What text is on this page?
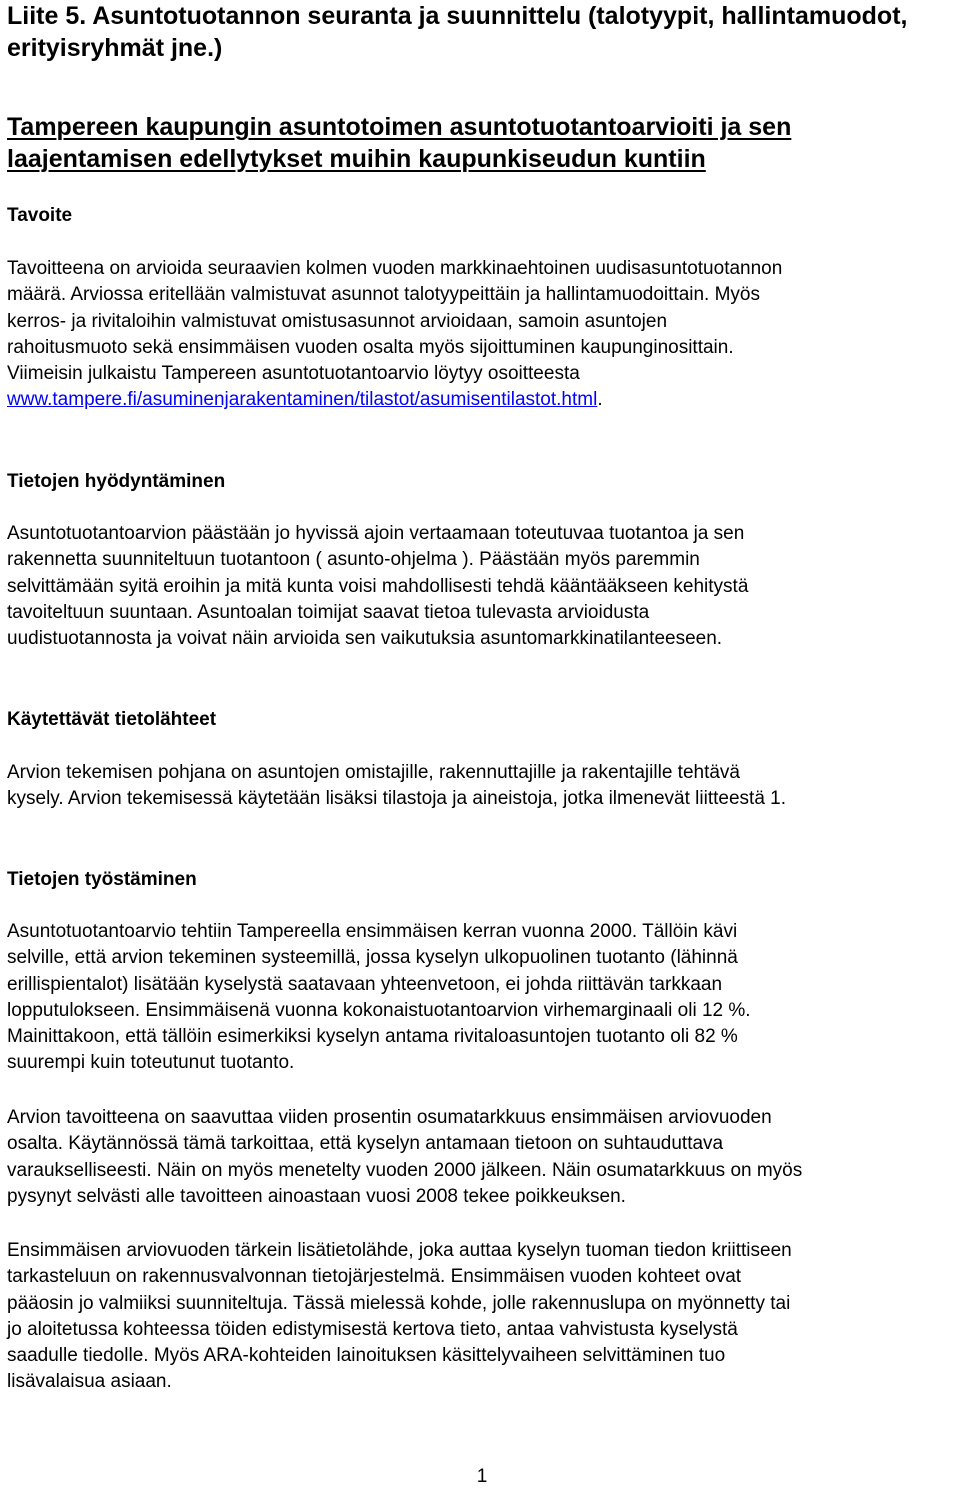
Liite 5. Asuntotuotannon seuranta ja suunnittelu (talotyypit, hallintamuodot, erityisryhmät jne.)
Tampereen kaupungin asuntotoimen asuntotuotantoarvioiti ja sen laajentamisen edellytykset muihin kaupunkiseudun kuntiin
Tavoite

Tavoitteena on arvioida seuraavien kolmen vuoden markkinaehtoinen uudisasuntotuotannon
määrä. Arviossa eritellään valmistuvat asunnot talotyypeittäin ja hallintamuodoittain. Myös
kerros- ja rivitaloihin valmistuvat omistusasunnot arvioidaan, samoin asuntojen
rahoitusmuoto sekä ensimmäisen vuoden osalta myös sijoittuminen kaupunginosittain.
Viimeisin julkaistu Tampereen asuntotuotantoarvio löytyy osoitteesta
www.tampere.fi/asuminenjarakentaminen/tilastot/asumisentilastot.html.

Tietojen hyödyntäminen

Asuntotuotantoarvion päästään jo hyvissä ajoin vertaamaan toteutuvaa tuotantoa ja sen
rakennetta suunniteltuun tuotantoon ( asunto-ohjelma ). Päästään myös paremmin
selvittämään syitä eroihin ja mitä kunta voisi mahdollisesti tehdä kääntääkseen kehitystä
tavoiteltuun suuntaan. Asuntoalan toimijat saavat tietoa tulevasta arvioidusta
uudistuotannosta ja voivat näin arvioida sen vaikutuksia asuntomarkkinatilanteeseen.

Käytettävät tietolähteet

Arvion tekemisen pohjana on asuntojen omistajille, rakennuttajille ja rakentajille tehtävä
kysely. Arvion tekemisessä käytetään lisäksi tilastoja ja aineistoja, jotka ilmenevät liitteestä 1.

Tietojen työstäminen

Asuntotuotantoarvio tehtiin Tampereella ensimmäisen kerran vuonna 2000. Tällöin kävi
selville, että arvion tekeminen systeemillä, jossa kyselyn ulkopuolinen tuotanto (lähinnä
erillispientalot) lisätään kyselystä saatavaan yhteenvetoon, ei johda riittävän tarkkaan
lopputulokseen. Ensimmäisenä vuonna kokonaistuotantoarvion virhemarginaali oli 12 %.
Mainittakoon, että tällöin esimerkiksi kyselyn antama rivitaloasuntojen tuotanto oli 82 %
suurempi kuin toteutunut tuotanto.

Arvion tavoitteena on saavuttaa viiden prosentin osumatarkkuus ensimmäisen arviovuoden
osalta. Käytännössä tämä tarkoittaa, että kyselyn antamaan tietoon on suhtauduttava
varaukselliseesti. Näin on myös menetelty vuoden 2000 jälkeen. Näin osumatarkkuus on myös
pysynyt selvästi alle tavoitteen ainoastaan vuosi 2008 tekee poikkeuksen.

Ensimmäisen arviovuoden tärkein lisätietolähde, joka auttaa kyselyn tuoman tiedon kriittiseen
tarkasteluun on rakennusvalvonnan tietojärjestelmä. Ensimmäisen vuoden kohteet ovat
pääosin jo valmiiksi suunniteltuja. Tässä mielessä kohde, jolle rakennuslupa on myönnetty tai
jo aloitetussa kohteessa töiden edistymisestä kertova tieto, antaa vahvistusta kyselystä
saadulle tiedolle. Myös ARA-kohteiden lainoituksen käsittelyvaiheen selvittäminen tuo
lisävalaisua asiaan.

1
